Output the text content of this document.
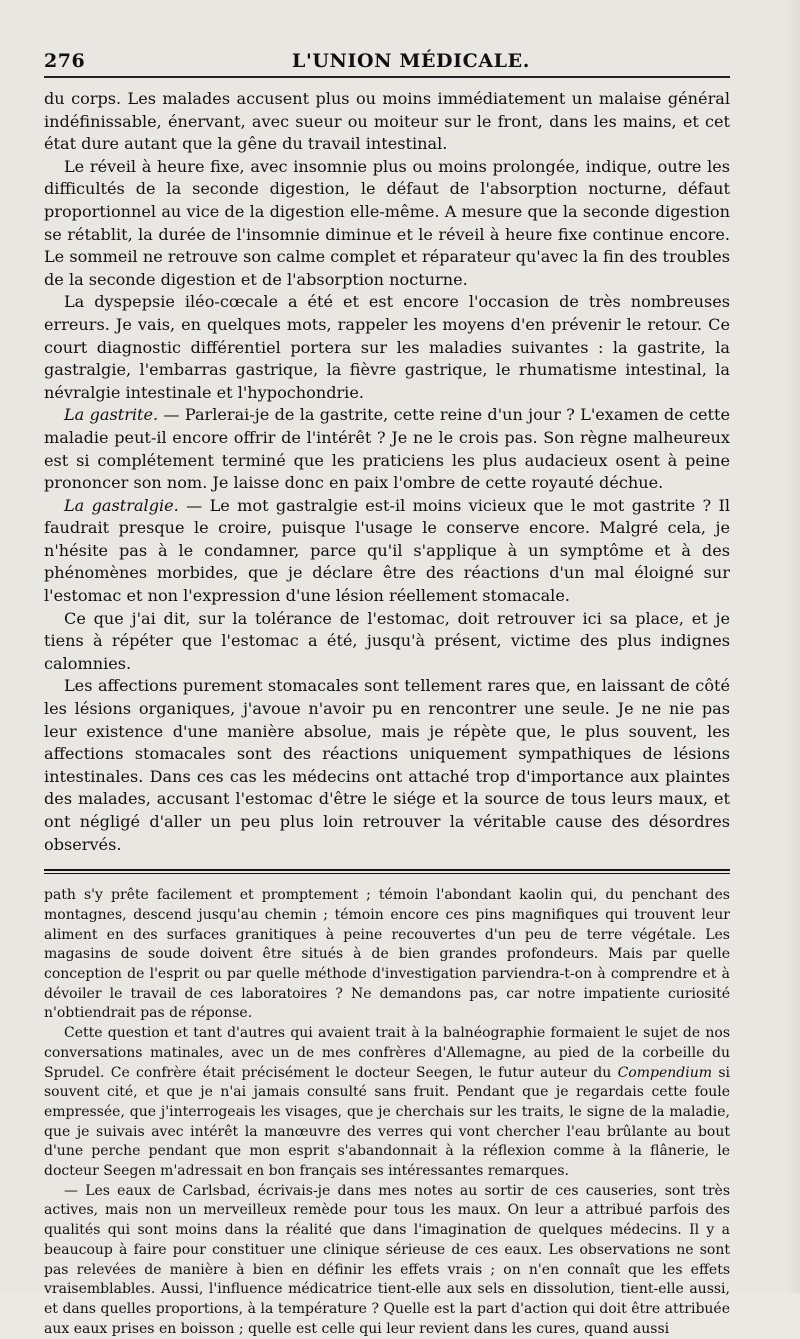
276	L'UNION MÉDICALE.

du corps. Les malades accusent plus ou moins immédiatement un malaise général indéfinissable, énervant, avec sueur ou moiteur sur le front, dans les mains, et cet état dure autant que la gêne du travail intestinal.

Le réveil à heure fixe, avec insomnie plus ou moins prolongée, indique, outre les difficultés de la seconde digestion, le défaut de l'absorption nocturne, défaut proportionnel au vice de la digestion elle-même. A mesure que la seconde digestion se rétablit, la durée de l'insomnie diminue et le réveil à heure fixe continue encore. Le sommeil ne retrouve son calme complet et réparateur qu'avec la fin des troubles de la seconde digestion et de l'absorption nocturne.

La dyspepsie iléo-cœcale a été et est encore l'occasion de très nombreuses erreurs. Je vais, en quelques mots, rappeler les moyens d'en prévenir le retour. Ce court diagnostic différentiel portera sur les maladies suivantes : la gastrite, la gastralgie, l'embarras gastrique, la fièvre gastrique, le rhumatisme intestinal, la névralgie intestinale et l'hypochondrie.

La gastrite. — Parlerai-je de la gastrite, cette reine d'un jour ? L'examen de cette maladie peut-il encore offrir de l'intérêt ? Je ne le crois pas. Son règne malheureux est si complétement terminé que les praticiens les plus audacieux osent à peine prononcer son nom. Je laisse donc en paix l'ombre de cette royauté déchue.

La gastralgie. — Le mot gastralgie est-il moins vicieux que le mot gastrite ? Il faudrait presque le croire, puisque l'usage le conserve encore. Malgré cela, je n'hésite pas à le condamner, parce qu'il s'applique à un symptôme et à des phénomènes morbides, que je déclare être des réactions d'un mal éloigné sur l'estomac et non l'expression d'une lésion réellement stomacale.

Ce que j'ai dit, sur la tolérance de l'estomac, doit retrouver ici sa place, et je tiens à répéter que l'estomac a été, jusqu'à présent, victime des plus indignes calomnies.

Les affections purement stomacales sont tellement rares que, en laissant de côté les lésions organiques, j'avoue n'avoir pu en rencontrer une seule. Je ne nie pas leur existence d'une manière absolue, mais je répète que, le plus souvent, les affections stomacales sont des réactions uniquement sympathiques de lésions intestinales. Dans ces cas les médecins ont attaché trop d'importance aux plaintes des malades, accusant l'estomac d'être le siége et la source de tous leurs maux, et ont négligé d'aller un peu plus loin retrouver la véritable cause des désordres observés.

path s'y prête facilement et promptement ; témoin l'abondant kaolin qui, du penchant des montagnes, descend jusqu'au chemin ; témoin encore ces pins magnifiques qui trouvent leur aliment en des surfaces granitiques à peine recouvertes d'un peu de terre végétale. Les magasins de soude doivent être situés à de bien grandes profondeurs. Mais par quelle conception de l'esprit ou par quelle méthode d'investigation parviendra-t-on à comprendre et à dévoiler le travail de ces laboratoires ? Ne demandons pas, car notre impatiente curiosité n'obtiendrait pas de réponse.

Cette question et tant d'autres qui avaient trait à la balnéographie formaient le sujet de nos conversations matinales, avec un de mes confrères d'Allemagne, au pied de la corbeille du Sprudel. Ce confrère était précisément le docteur Seegen, le futur auteur du Compendium si souvent cité, et que je n'ai jamais consulté sans fruit. Pendant que je regardais cette foule empressée, que j'interrogeais les visages, que je cherchais sur les traits, le signe de la maladie, que je suivais avec intérêt la manœuvre des verres qui vont chercher l'eau brûlante au bout d'une perche pendant que mon esprit s'abandonnait à la réflexion comme à la flânerie, le docteur Seegen m'adressait en bon français ses intéressantes remarques.

— Les eaux de Carlsbad, écrivais-je dans mes notes au sortir de ces causeries, sont très actives, mais non un merveilleux remède pour tous les maux. On leur a attribué parfois des qualités qui sont moins dans la réalité que dans l'imagination de quelques médecins. Il y a beaucoup à faire pour constituer une clinique sérieuse de ces eaux. Les observations ne sont pas relevées de manière à bien en définir les effets vrais ; on n'en connaît que les effets vraisemblables. Aussi, l'influence médicatrice tient-elle aux sels en dissolution, tient-elle aussi, et dans quelles proportions, à la température ? Quelle est la part d'action qui doit être attribuée aux eaux prises en boisson ; quelle est celle qui leur revient dans les cures, quand aussi
